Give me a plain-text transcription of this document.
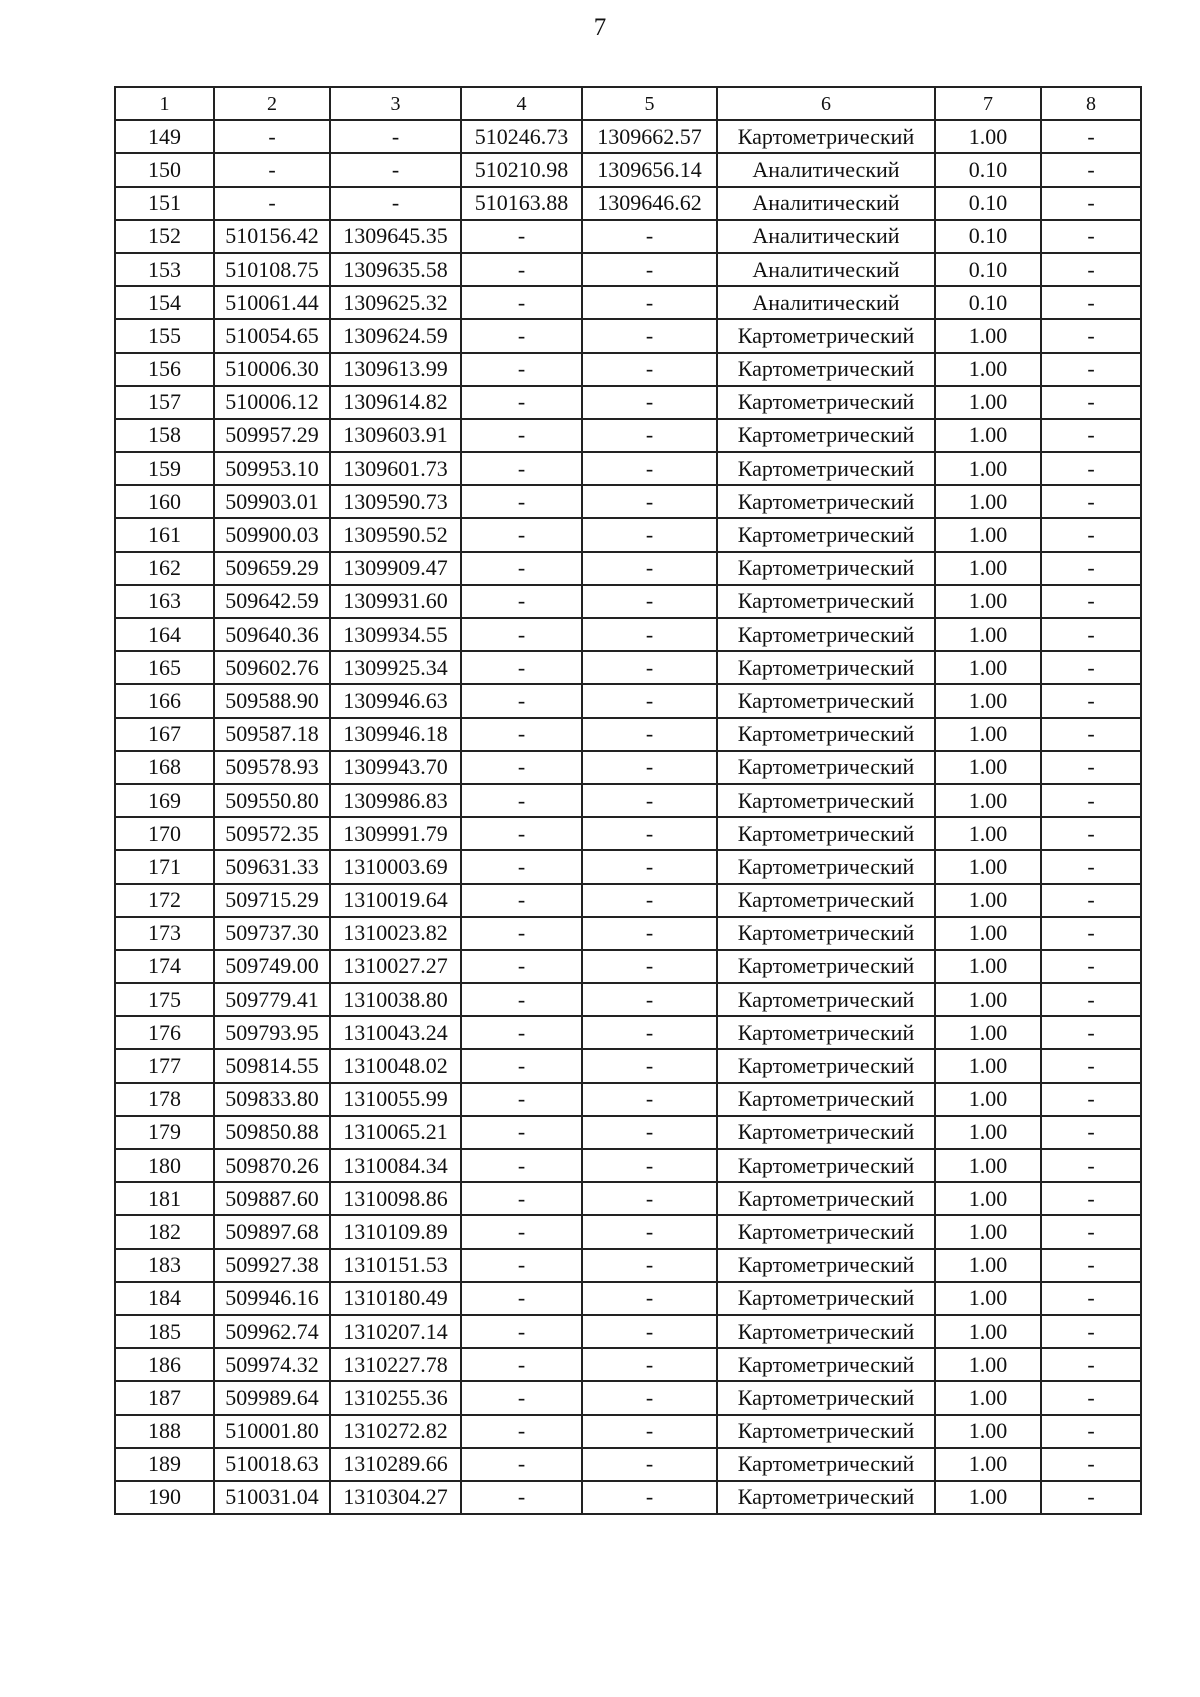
7
1	2	3	4	5	6	7	8
149	-	-	510246.73	1309662.57	Картометрический	1.00	-
150	-	-	510210.98	1309656.14	Аналитический	0.10	-
151	-	-	510163.88	1309646.62	Аналитический	0.10	-
152	510156.42	1309645.35	-	-	Аналитический	0.10	-
153	510108.75	1309635.58	-	-	Аналитический	0.10	-
154	510061.44	1309625.32	-	-	Аналитический	0.10	-
155	510054.65	1309624.59	-	-	Картометрический	1.00	-
156	510006.30	1309613.99	-	-	Картометрический	1.00	-
157	510006.12	1309614.82	-	-	Картометрический	1.00	-
158	509957.29	1309603.91	-	-	Картометрический	1.00	-
159	509953.10	1309601.73	-	-	Картометрический	1.00	-
160	509903.01	1309590.73	-	-	Картометрический	1.00	-
161	509900.03	1309590.52	-	-	Картометрический	1.00	-
162	509659.29	1309909.47	-	-	Картометрический	1.00	-
163	509642.59	1309931.60	-	-	Картометрический	1.00	-
164	509640.36	1309934.55	-	-	Картометрический	1.00	-
165	509602.76	1309925.34	-	-	Картометрический	1.00	-
166	509588.90	1309946.63	-	-	Картометрический	1.00	-
167	509587.18	1309946.18	-	-	Картометрический	1.00	-
168	509578.93	1309943.70	-	-	Картометрический	1.00	-
169	509550.80	1309986.83	-	-	Картометрический	1.00	-
170	509572.35	1309991.79	-	-	Картометрический	1.00	-
171	509631.33	1310003.69	-	-	Картометрический	1.00	-
172	509715.29	1310019.64	-	-	Картометрический	1.00	-
173	509737.30	1310023.82	-	-	Картометрический	1.00	-
174	509749.00	1310027.27	-	-	Картометрический	1.00	-
175	509779.41	1310038.80	-	-	Картометрический	1.00	-
176	509793.95	1310043.24	-	-	Картометрический	1.00	-
177	509814.55	1310048.02	-	-	Картометрический	1.00	-
178	509833.80	1310055.99	-	-	Картометрический	1.00	-
179	509850.88	1310065.21	-	-	Картометрический	1.00	-
180	509870.26	1310084.34	-	-	Картометрический	1.00	-
181	509887.60	1310098.86	-	-	Картометрический	1.00	-
182	509897.68	1310109.89	-	-	Картометрический	1.00	-
183	509927.38	1310151.53	-	-	Картометрический	1.00	-
184	509946.16	1310180.49	-	-	Картометрический	1.00	-
185	509962.74	1310207.14	-	-	Картометрический	1.00	-
186	509974.32	1310227.78	-	-	Картометрический	1.00	-
187	509989.64	1310255.36	-	-	Картометрический	1.00	-
188	510001.80	1310272.82	-	-	Картометрический	1.00	-
189	510018.63	1310289.66	-	-	Картометрический	1.00	-
190	510031.04	1310304.27	-	-	Картометрический	1.00	-
